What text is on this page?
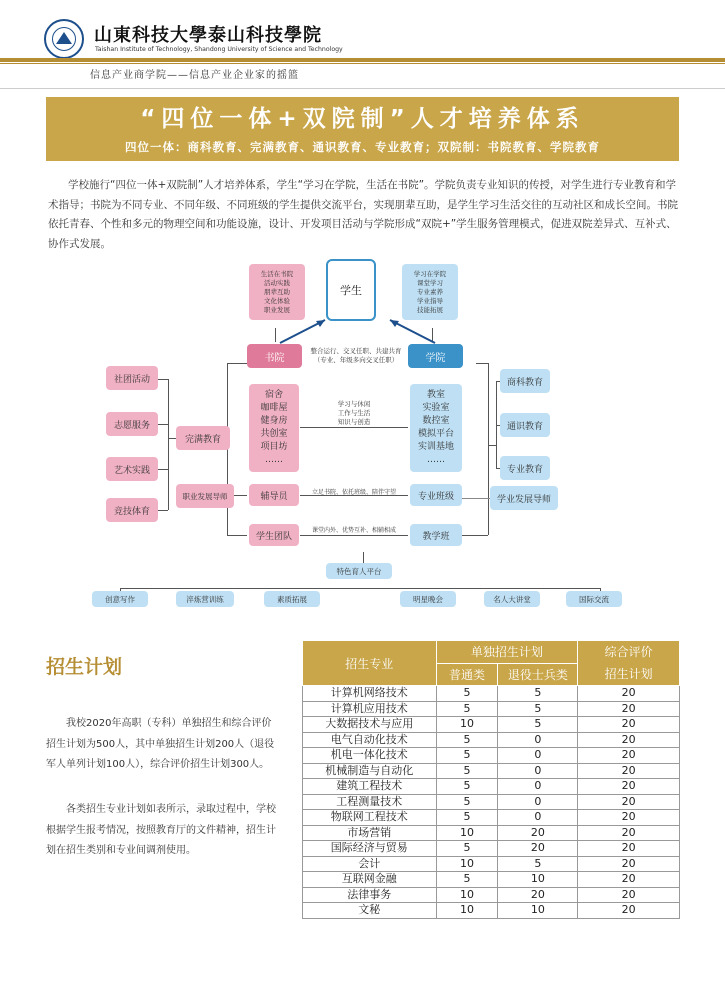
山東科技大學泰山科技學院
Taishan Institute of Technology, Shandong University of Science and Technology
信息产业商学院——信息产业企业家的摇篮
“四位一体+双院制”人才培养体系
四位一体：商科教育、完满教育、通识教育、专业教育；双院制：书院教育、学院教育
学校施行“四位一体+双院制”人才培养体系，学生“学习在学院，生活在书院”。学院负责专业知识的传授，对学生进行专业教育和学术指导；书院为不同专业、不同年级、不同班级的学生提供交流平台，实现朋辈互助，是学生学习生活交往的互动社区和成长空间。书院依托青春、个性和多元的物理空间和功能设施，设计、开发项目活动与学院形成“双院+”学生服务管理模式，促进双院差异式、互补式、协作式发展。
生活在书院
活动实践
朋辈互助
文化体验
职业发展
学生
学习在学院
课堂学习
专业素养
学业指导
技能拓展
书院
整合运行、交叉任职、共建共育
（专业、年级多向交叉任职）	学院
宿舍
咖啡屋
健身房
共创室
项目坊
……
学习与休闲
工作与生活
知识与创造
教室
实验室
数控室
模拟平台
实训基地
……
辅导员	立足书院、依托班级、陪伴守望	专业班级
学生团队
课堂内外、优势互补、相辅相成
教学班
社团活动
志愿服务
艺术实践
竞技体育
完满教育
职业发展导师
商科教育
通识教育
专业教育
学业发展导师
特色育人平台
创意写作	淬炼营训练	素质拓展	明星晚会	名人大讲堂	国际交流
招生计划
我校2020年高职（专科）单独招生和综合评价招生计划为500人，其中单独招生计划200人（退役军人单列计划100人），综合评价招生计划300人。
各类招生专业计划如表所示，录取过程中，学校根据学生报考情况，按照教育厅的文件精神，招生计划在招生类别和专业间调剂使用。
招生专业	单独招生计划		综合评价
招生计划
	普通类	退役士兵类	
计算机网络技术	5	5	20
计算机应用技术	5	5	20
大数据技术与应用	10	5	20
电气自动化技术	5	0	20
机电一体化技术	5	0	20
机械制造与自动化	5	0	20
建筑工程技术	5	0	20
工程测量技术	5	0	20
物联网工程技术	5	0	20
市场营销	10	20	20
国际经济与贸易	5	20	20
会计	10	5	20
互联网金融	5	10	20
法律事务	10	20	20
文秘	10	10	20
